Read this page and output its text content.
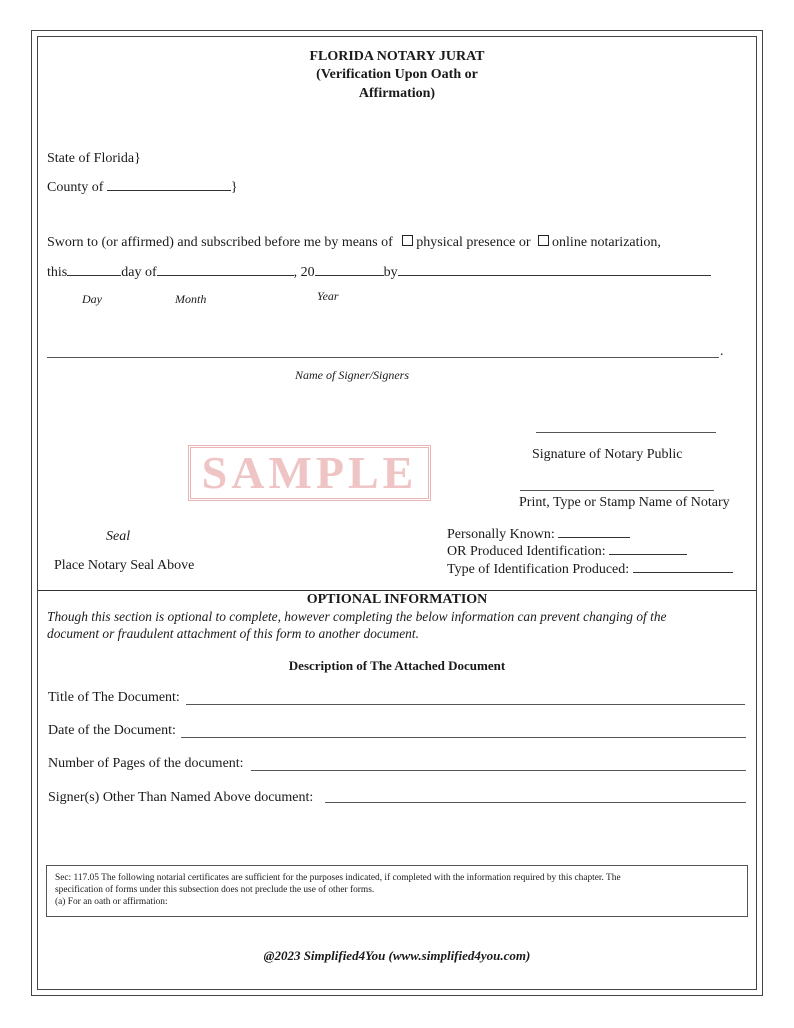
FLORIDA NOTARY JURAT
(Verification Upon Oath or
Affirmation)
State of Florida}
County of	}
Sworn to (or affirmed) and subscribed before me by means of physical presence or online notarization,
this	day of	, 20	by
Day	Month	Year
.
Name of Signer/Signers
Signature of Notary Public
Print, Type or Stamp Name of Notary
SAMPLE
Seal
Place Notary Seal Above
Personally Known:
OR Produced Identification:
Type of Identification Produced:
OPTIONAL INFORMATION
Though this section is optional to complete, however completing the below information can prevent changing of the
document or fraudulent attachment of this form to another document.
Description of The Attached Document
Title of The Document:
Date of the Document:
Number of Pages of the document:
Signer(s) Other Than Named Above document:
Sec: 117.05 The following notarial certificates are sufficient for the purposes indicated, if completed with the information required by this chapter. The
specification of forms under this subsection does not preclude the use of other forms.
(a) For an oath or affirmation:
@2023 Simplified4You (www.simplified4you.com)
